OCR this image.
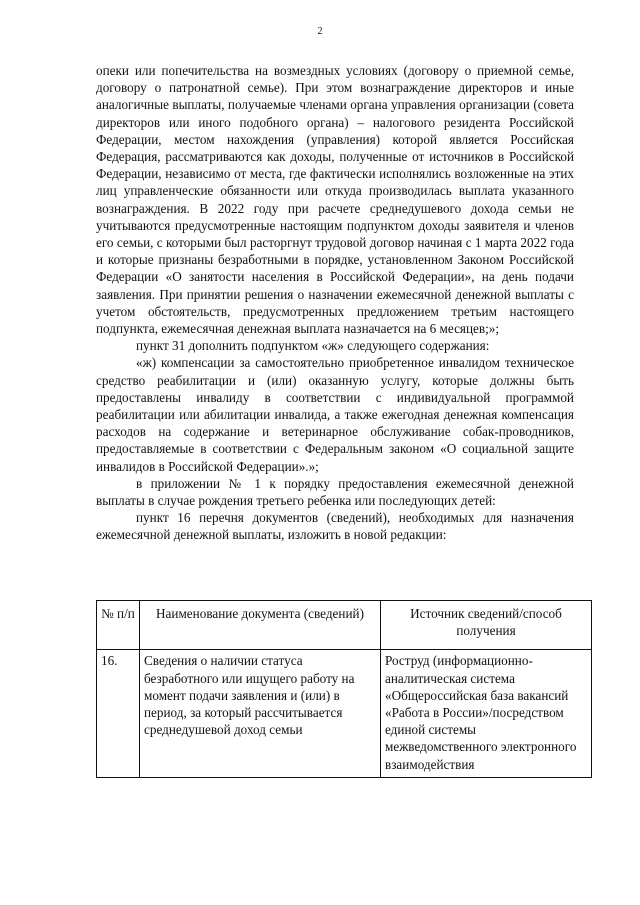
2

опеки или попечительства на возмездных условиях (договору о приемной семье, договору о патронатной семье). При этом вознаграждение директоров и иные аналогичные выплаты, получаемые членами органа управления организации (совета директоров или иного подобного органа) – налогового резидента Российской Федерации, местом нахождения (управления) которой является Российская Федерация, рассматриваются как доходы, полученные от источников в Российской Федерации, независимо от места, где фактически исполнялись возложенные на этих лиц управленческие обязанности или откуда производилась выплата указанного вознаграждения. В 2022 году при расчете среднедушевого дохода семьи не учитываются предусмотренные настоящим подпунктом доходы заявителя и членов его семьи, с которыми был расторгнут трудовой договор начиная с 1 марта 2022 года и которые признаны безработными в порядке, установленном Законом Российской Федерации «О занятости населения в Российской Федерации», на день подачи заявления. При принятии решения о назначении ежемесячной денежной выплаты с учетом обстоятельств, предусмотренных предложением третьим настоящего подпункта, ежемесячная денежная выплата назначается на 6 месяцев;»;

пункт 31 дополнить подпунктом «ж» следующего содержания:

«ж) компенсации за самостоятельно приобретенное инвалидом техническое средство реабилитации и (или) оказанную услугу, которые должны быть предоставлены инвалиду в соответствии с индивидуальной программой реабилитации или абилитации инвалида, а также ежегодная денежная компенсация расходов на содержание и ветеринарное обслуживание собак-проводников, предоставляемые в соответствии с Федеральным законом «О социальной защите инвалидов в Российской Федерации».»;

в приложении № 1 к порядку предоставления ежемесячной денежной выплаты в случае рождения третьего ребенка или последующих детей:

пункт 16 перечня документов (сведений), необходимых для назначения ежемесячной денежной выплаты, изложить в новой редакции:

№ п/п	Наименование документа (сведений)	Источник сведений/способ получения
16.	Сведения о наличии статуса безработного или ищущего работу на момент подачи заявления и (или) в период, за который рассчитывается среднедушевой доход семьи	Роструд (информационно-аналитическая система «Общероссийская база вакансий «Работа в России»/посредством единой системы межведомственного электронного взаимодействия
